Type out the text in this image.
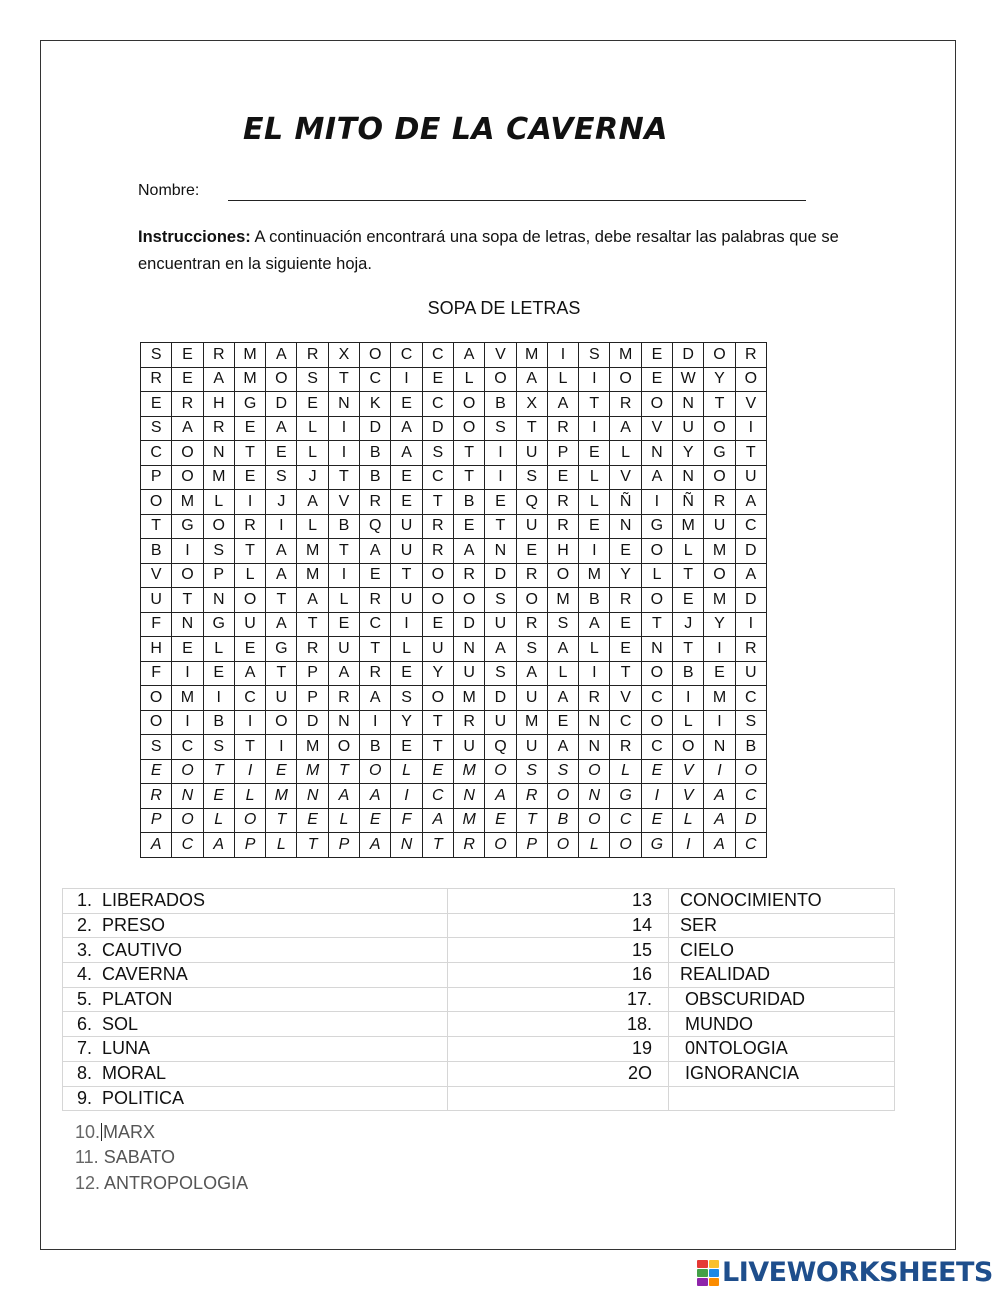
EL MITO DE LA CAVERNA
Nombre:
Instrucciones: A continuación encontrará una sopa de letras, debe resaltar las palabras que se encuentran en la siguiente hoja.
SOPA DE LETRAS
S	E	R	M	A	R	X	O	C	C	A	V	M	I	S	M	E	D	O	R
R	E	A	M	O	S	T	C	I	E	L	O	A	L	I	O	E	W	Y	O
E	R	H	G	D	E	N	K	E	C	O	B	X	A	T	R	O	N	T	V
S	A	R	E	A	L	I	D	A	D	O	S	T	R	I	A	V	U	O	I
C	O	N	T	E	L	I	B	A	S	T	I	U	P	E	L	N	Y	G	T
P	O	M	E	S	J	T	B	E	C	T	I	S	E	L	V	A	N	O	U
O	M	L	I	J	A	V	R	E	T	B	E	Q	R	L	Ñ	I	Ñ	R	A
T	G	O	R	I	L	B	Q	U	R	E	T	U	R	E	N	G	M	U	C
B	I	S	T	A	M	T	A	U	R	A	N	E	H	I	E	O	L	M	D
V	O	P	L	A	M	I	E	T	O	R	D	R	O	M	Y	L	T	O	A
U	T	N	O	T	A	L	R	U	O	O	S	O	M	B	R	O	E	M	D
F	N	G	U	A	T	E	C	I	E	D	U	R	S	A	E	T	J	Y	I
H	E	L	E	G	R	U	T	L	U	N	A	S	A	L	E	N	T	I	R
F	I	E	A	T	P	A	R	E	Y	U	S	A	L	I	T	O	B	E	U
O	M	I	C	U	P	R	A	S	O	M	D	U	A	R	V	C	I	M	C
O	I	B	I	O	D	N	I	Y	T	R	U	M	E	N	C	O	L	I	S
S	C	S	T	I	M	O	B	E	T	U	Q	U	A	N	R	C	O	N	B
E	O	T	I	E	M	T	O	L	E	M	O	S	S	O	L	E	V	I	O
R	N	E	L	M	N	A	A	I	C	N	A	R	O	N	G	I	V	A	C
P	O	L	O	T	E	L	E	F	A	M	E	T	B	O	C	E	L	A	D
A	C	A	P	L	T	P	A	N	T	R	O	P	O	L	O	G	I	A	C
1.  LIBERADOS	13	CONOCIMIENTO
2.  PRESO	14	SER
3.  CAUTIVO	15	CIELO
4.  CAVERNA	16	REALIDAD
5.  PLATON	17.	OBSCURIDAD
6.  SOL	18.	MUNDO
7.  LUNA	19	0NTOLOGIA
8.  MORAL	2O	IGNORANCIA
9.  POLITICA		
10. MARX
11. SABATO
12. ANTROPOLOGIA
LIVEWORKSHEETS
